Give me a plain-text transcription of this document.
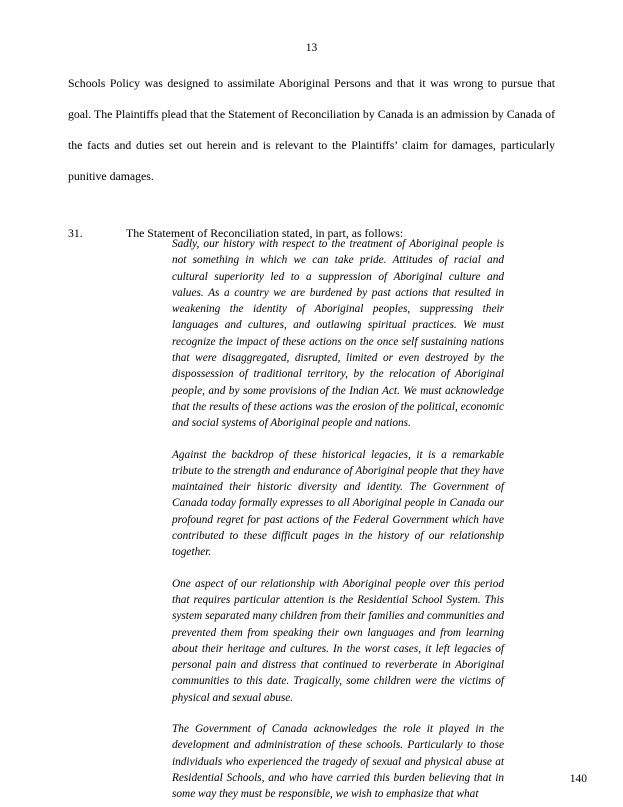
13

Schools Policy was designed to assimilate Aboriginal Persons and that it was wrong to pursue that goal. The Plaintiffs plead that the Statement of Reconciliation by Canada is an admission by Canada of the facts and duties set out herein and is relevant to the Plaintiffs’ claim for damages, particularly punitive damages.

31.	The Statement of Reconciliation stated, in part, as follows:

Sadly, our history with respect to the treatment of Aboriginal people is not something in which we can take pride. Attitudes of racial and cultural superiority led to a suppression of Aboriginal culture and values. As a country we are burdened by past actions that resulted in weakening the identity of Aboriginal peoples, suppressing their languages and cultures, and outlawing spiritual practices. We must recognize the impact of these actions on the once self sustaining nations that were disaggregated, disrupted, limited or even destroyed by the dispossession of traditional territory, by the relocation of Aboriginal people, and by some provisions of the Indian Act. We must acknowledge that the results of these actions was the erosion of the political, economic and social systems of Aboriginal people and nations.

Against the backdrop of these historical legacies, it is a remarkable tribute to the strength and endurance of Aboriginal people that they have maintained their historic diversity and identity. The Government of Canada today formally expresses to all Aboriginal people in Canada our profound regret for past actions of the Federal Government which have contributed to these difficult pages in the history of our relationship together.

One aspect of our relationship with Aboriginal people over this period that requires particular attention is the Residential School System. This system separated many children from their families and communities and prevented them from speaking their own languages and from learning about their heritage and cultures. In the worst cases, it left legacies of personal pain and distress that continued to reverberate in Aboriginal communities to this date. Tragically, some children were the victims of physical and sexual abuse.

The Government of Canada acknowledges the role it played in the development and administration of these schools. Particularly to those individuals who experienced the tragedy of sexual and physical abuse at Residential Schools, and who have carried this burden believing that in some way they must be responsible, we wish to emphasize that what

140
